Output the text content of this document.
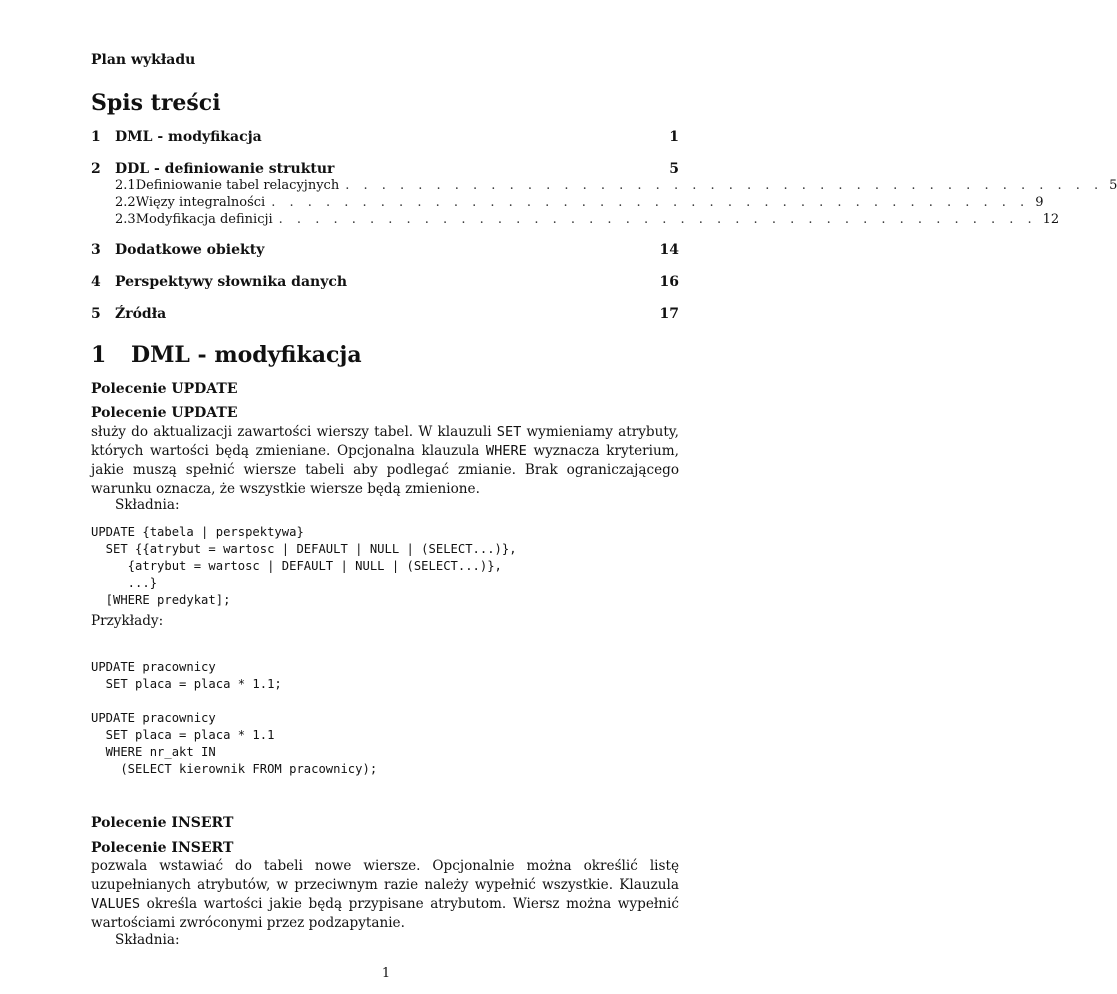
Plan wykładu
Spis treści
1	DML - modyfikacja	1
2	DDL - definiowanie struktur	5
2.1 Definiowanie tabel relacyjnych . . . . . . . . . . . . . . . . . . . . . . . . . . . . . . . . . . . . . . . . . . 5
2.2 Więzy integralności . . . . . . . . . . . . . . . . . . . . . . . . . . . . . . . . . . . . . . . . . . 9
2.3 Modyfikacja definicji . . . . . . . . . . . . . . . . . . . . . . . . . . . . . . . . . . . . . . . . . . 12
3	Dodatkowe obiekty	14
4	Perspektywy słownika danych	16
5	Źródła	17
1 DML - modyfikacja
Polecenie UPDATE
Polecenie UPDATE

służy do aktualizacji zawartości wierszy tabel. W klauzuli SET wymieniamy atrybuty, których wartości będą zmieniane. Opcjonalna klauzula WHERE wyznacza kryterium, jakie muszą spełnić wiersze tabeli aby podlegać zmianie. Brak ograniczającego warunku oznacza, że wszystkie wiersze będą zmienione.

Składnia:
UPDATE {tabela | perspektywa}
SET {{atrybut = wartosc | DEFAULT | NULL | (SELECT...)},
{atrybut = wartosc | DEFAULT | NULL | (SELECT...)},
...}
[WHERE predykat];
Przykłady:
UPDATE pracownicy
SET placa = placa * 1.1;
UPDATE pracownicy
SET placa = placa * 1.1
WHERE nr_akt IN
(SELECT kierownik FROM pracownicy);
Polecenie INSERT
Polecenie INSERT

pozwala wstawiać do tabeli nowe wiersze. Opcjonalnie można określić listę uzupełnianych atrybutów, w przeciwnym razie należy wypełnić wszystkie. Klauzula VALUES określa wartości jakie będą przypisane atrybutom. Wiersz można wypełnić wartościami zwróconymi przez podzapytanie.

Składnia:
1
